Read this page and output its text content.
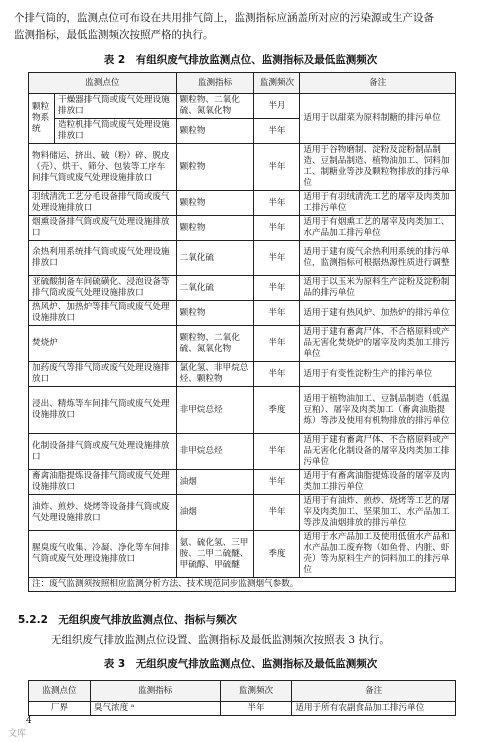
个排气筒的，监测点位可布设在共用排气筒上，监测指标应涵盖所对应的污染源或生产设备

监测指标，最低监测频次按照严格的执行。

表 2　有组织废气排放监测点位、监测指标及最低监测频次
监测点位		监测指标	监测频次	备注
颗粒物系统	干燥器排气筒或废气处理设施排放口	颗粒物、二氧化硫、氮氧化物	半月	适用于以甜菜为原料制糖的排污单位
	造粒机排气筒或废气处理设施排放口	颗粒物	半年	
物料储运、挤出、破（粉）碎、脱皮（壳）、烘干、筛分、包装等工序车间排气筒或废气处理设施排放口		颗粒物	半年	适用于谷物磨制、淀粉及淀粉制品制造、豆制品制造、植物油加工、饲料加工、制糖业等涉及颗粒物排放的排污单位
羽绒清洗工艺分毛设备排气筒或废气处理设施排放口		颗粒物	半年	适用于有羽绒清洗工艺的屠宰及肉类加工排污单位
烟熏设备排气筒或废气处理设施排放口		颗粒物	半年	适用于有烟熏工艺的屠宰及肉类加工、水产品加工排污单位
余热利用系统排气筒或废气处理设施排放口		二氧化硫	半年	适用于建有废气余热利用系统的排污单位，监测指标可根据热源性质进行调整
亚硫酸制备车间硫磺化、浸泡设备等排气筒或废气处理设施排放口		二氧化硫	半年	适用于以玉米为原料生产淀粉及淀粉制品的排污单位
热风炉、加热炉等排气筒或废气处理设施排放口		颗粒物	半年	适用于建有热风炉、加热炉的排污单位
焚烧炉		颗粒物、二氧化硫、氮氧化物	半年	适用于建有畜禽尸体、不合格原料或产品无害化焚烧炉的屠宰及肉类加工排污单位
加药废气等排气筒或废气处理设施排放口		氯化氢、非甲烷总烃、颗粒物	半年	适用于有变性淀粉生产的排污单位
浸出、精炼等车间排气筒或废气处理设施排放口		非甲烷总烃	季度	适用于植物油加工、豆制品制造（低温豆粕）、屠宰及肉类加工（畜禽油脂提炼）等涉及使用有机物排放的排污单位
化制设备排气筒或废气处理设施排放口		非甲烷总烃	半年	适用于建有畜禽尸体、不合格原料或产品无害化化制设备的屠宰及肉类加工排污单位
畜禽油脂提炼设备排气筒或废气处理设施排放口		油烟	半年	适用于有畜禽油脂提炼设备的屠宰及肉类加工排污单位
油炸、煎炒、烧烤等设备排气筒或废气处理设施排放口		油烟	半年	适用于有油炸、煎炒、烧烤等工艺的屠宰及肉类加工、坚果加工、水产品加工等涉及油烟排放的排污单位
腥臭废气收集、冷凝、净化等车间排气筒或废气处理设施排放口		氨、硫化氢、三甲胺、二甲二硫醚、甲硫醇、甲硫醚	季度	适用于水产品加工及使用低值水产品和水产品加工废弃物（如鱼骨、内脏、虾壳）等为原料生产的饲料加工的排污单位
注：废气监测须按照相应监测分析方法、技术规范同步监测烟气参数。				
5.2.2　无组织废气排放监测点位、指标与频次
无组织废气排放监测点位设置、监测指标及最低监测频次按照表 3 执行。
表 3　无组织废气排放监测点位、监测指标及最低监测频次
监测点位	监测指标	监测频次	备注
厂界	臭气浓度 ᵃ	半年	适用于所有农副食品加工排污单位
4
文库
